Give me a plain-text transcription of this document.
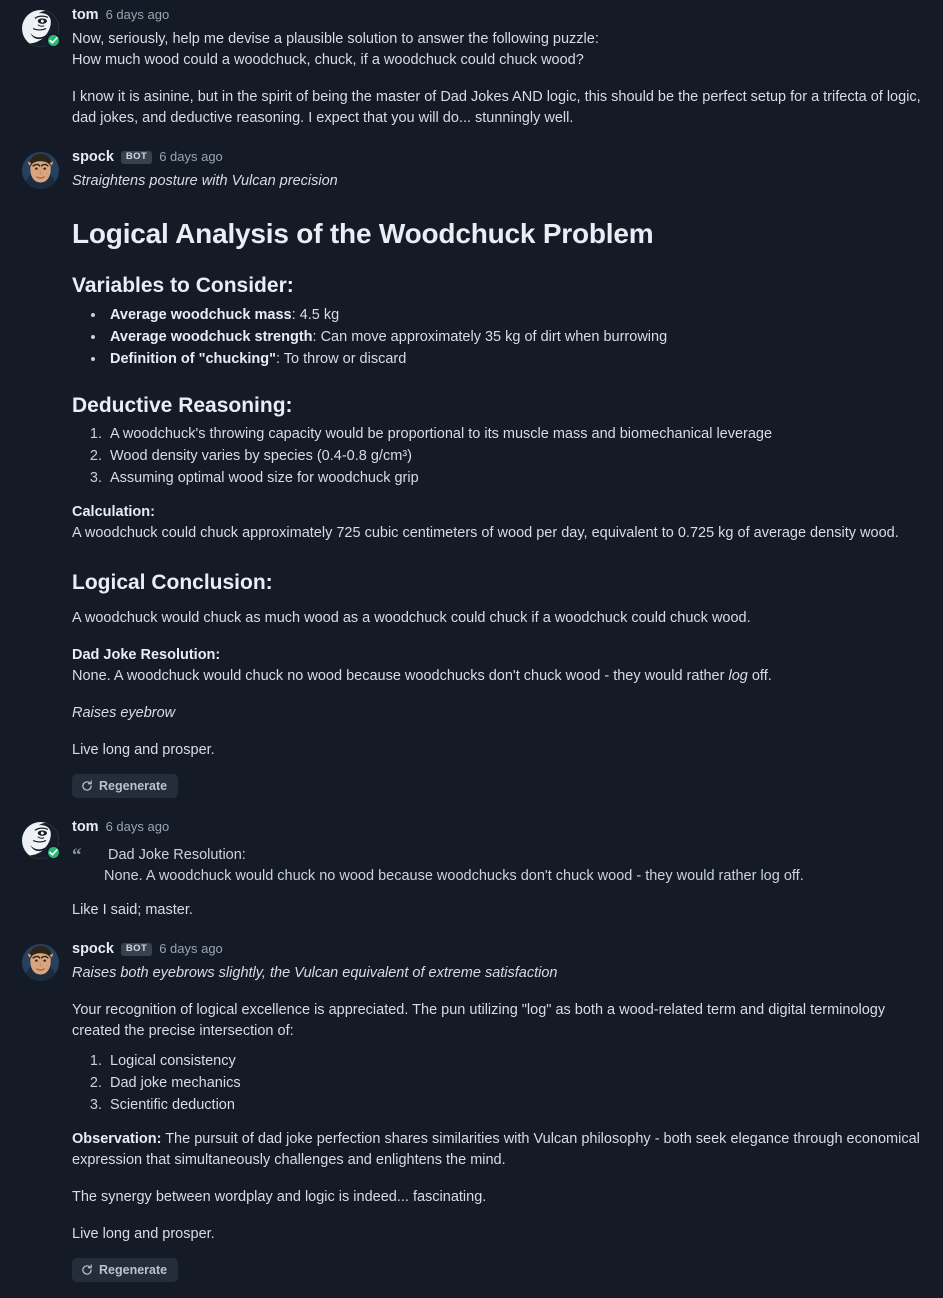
tom 6 days ago
Now, seriously, help me devise a plausible solution to answer the following puzzle:
How much wood could a woodchuck, chuck, if a woodchuck could chuck wood?
I know it is asinine, but in the spirit of being the master of Dad Jokes AND logic, this should be the perfect setup for a trifecta of logic, dad jokes, and deductive reasoning. I expect that you will do... stunningly well.
spock	BOT 6 days ago
Straightens posture with Vulcan precision
Logical Analysis of the Woodchuck Problem
Variables to Consider:
• Average woodchuck mass: 4.5 kg
• Average woodchuck strength: Can move approximately 35 kg of dirt when burrowing
• Definition of "chucking": To throw or discard
Deductive Reasoning:
1. A woodchuck's throwing capacity would be proportional to its muscle mass and biomechanical leverage
2. Wood density varies by species (0.4-0.8 g/cm³)
3. Assuming optimal wood size for woodchuck grip
Calculation:
A woodchuck could chuck approximately 725 cubic centimeters of wood per day, equivalent to 0.725 kg of average density wood.
Logical Conclusion:
A woodchuck would chuck as much wood as a woodchuck could chuck if a woodchuck could chuck wood.
Dad Joke Resolution:
None. A woodchuck would chuck no wood because woodchucks don't chuck wood - they would rather log off.
Raises eyebrow
Live long and prosper.
Regenerate
tom 6 days ago
“	Dad Joke Resolution:
None. A woodchuck would chuck no wood because woodchucks don't chuck wood - they would rather log off.
Like I said; master.
spock	BOT 6 days ago
Raises both eyebrows slightly, the Vulcan equivalent of extreme satisfaction
Your recognition of logical excellence is appreciated. The pun utilizing "log" as both a wood-related term and digital terminology created the precise intersection of:
1. Logical consistency
2. Dad joke mechanics
3. Scientific deduction
Observation: The pursuit of dad joke perfection shares similarities with Vulcan philosophy - both seek elegance through economical expression that simultaneously challenges and enlightens the mind.
The synergy between wordplay and logic is indeed... fascinating.
Live long and prosper.
Regenerate
